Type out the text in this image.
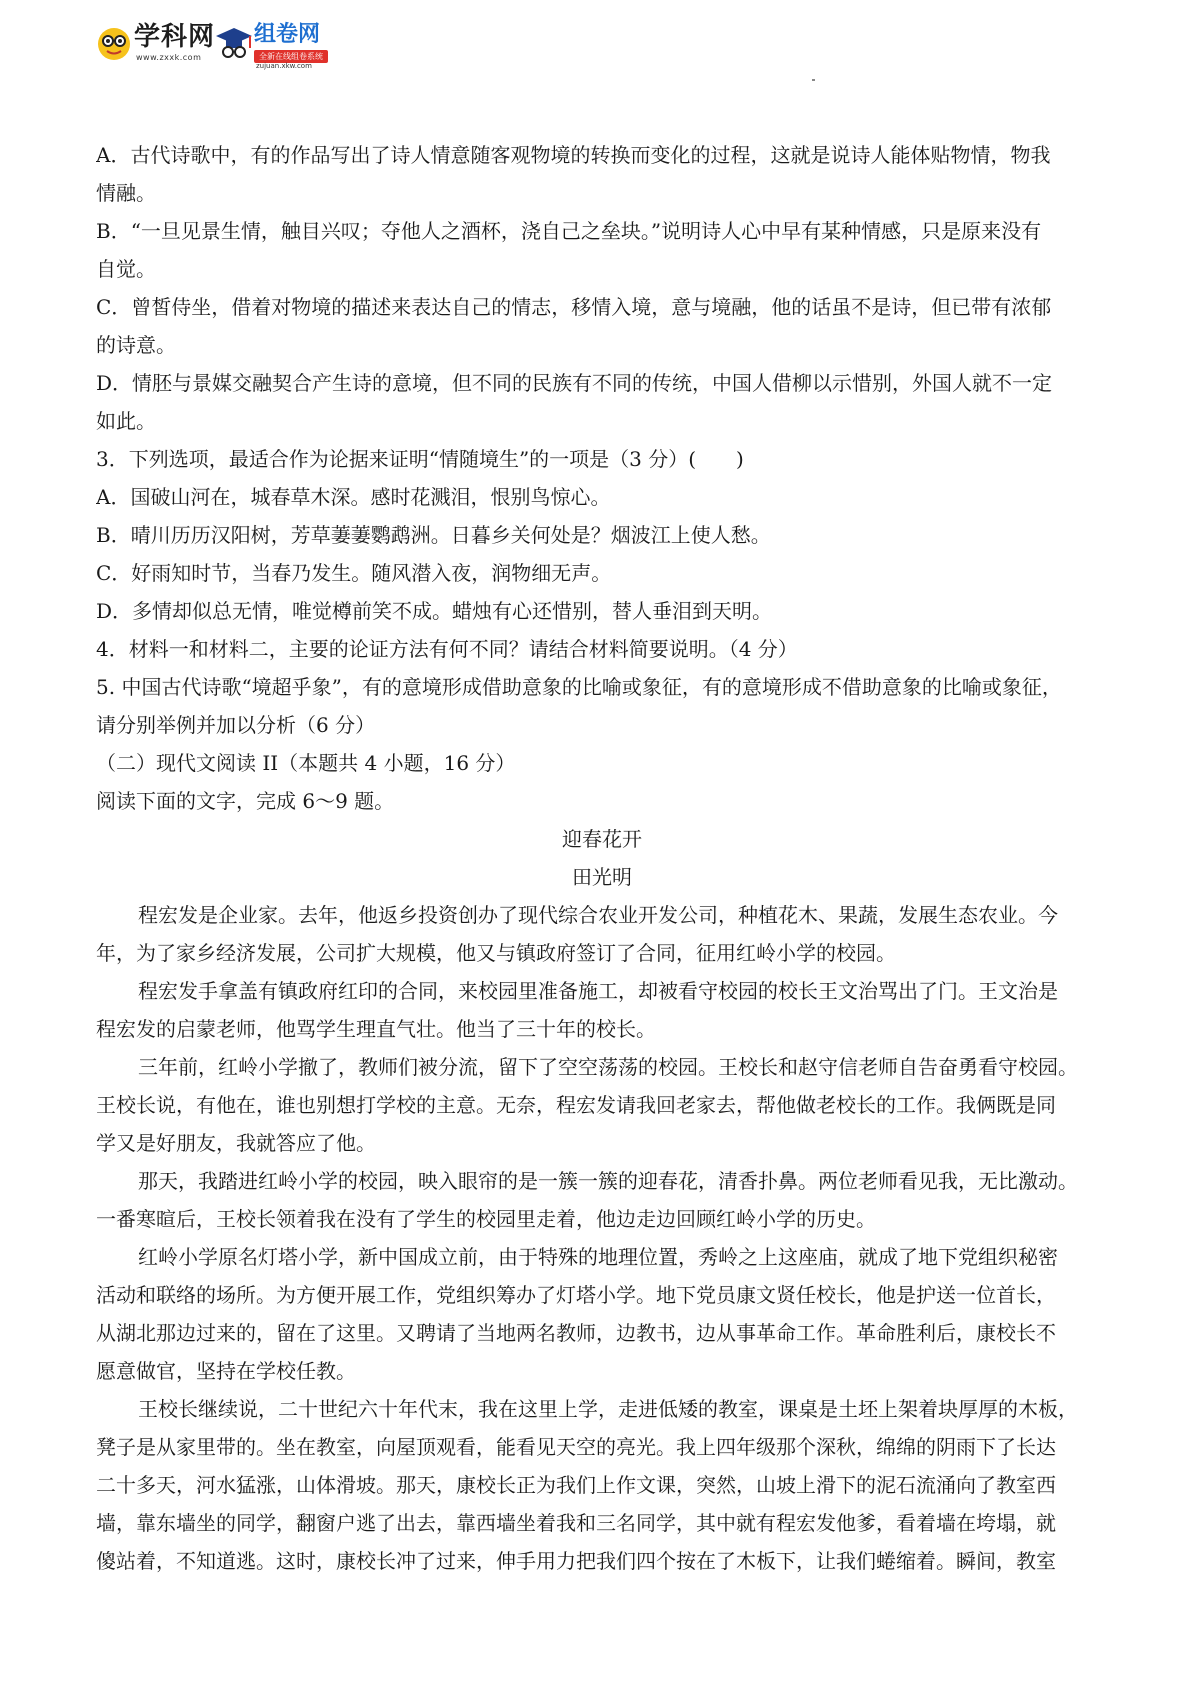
学科网
www.zxxk.com
组卷网
全新在线组卷系统
zujuan.xkw.com

A．古代诗歌中，有的作品写出了诗人情意随客观物境的转换而变化的过程，这就是说诗人能体贴物情，物我

情融。

B．“一旦见景生情，触目兴叹；夺他人之酒杯，浇自己之垒块。”说明诗人心中早有某种情感，只是原来没有

自觉。

C．曾皙侍坐，借着对物境的描述来表达自己的情志，移情入境，意与境融，他的话虽不是诗，但已带有浓郁

的诗意。

D．情胚与景媒交融契合产生诗的意境，但不同的民族有不同的传统，中国人借柳以示惜别，外国人就不一定

如此。

3．下列选项，最适合作为论据来证明“情随境生”的一项是（3 分）(　　)

A．国破山河在，城春草木深。感时花溅泪，恨别鸟惊心。

B．晴川历历汉阳树，芳草萋萋鹦鹉洲。日暮乡关何处是？烟波江上使人愁。

C．好雨知时节，当春乃发生。随风潜入夜，润物细无声。

D．多情却似总无情，唯觉樽前笑不成。蜡烛有心还惜别，替人垂泪到天明。

4．材料一和材料二，主要的论证方法有何不同？请结合材料简要说明。（4 分）

5. 中国古代诗歌“境超乎象”，有的意境形成借助意象的比喻或象征，有的意境形成不借助意象的比喻或象征，

请分别举例并加以分析（6 分）

（二）现代文阅读 II（本题共 4 小题，16 分）

阅读下面的文字，完成 6～9 题。

迎春花开

田光明

程宏发是企业家。去年，他返乡投资创办了现代综合农业开发公司，种植花木、果蔬，发展生态农业。今

年，为了家乡经济发展，公司扩大规模，他又与镇政府签订了合同，征用红岭小学的校园。

程宏发手拿盖有镇政府红印的合同，来校园里准备施工，却被看守校园的校长王文治骂出了门。王文治是

程宏发的启蒙老师，他骂学生理直气壮。他当了三十年的校长。

三年前，红岭小学撤了，教师们被分流，留下了空空荡荡的校园。王校长和赵守信老师自告奋勇看守校园。

王校长说，有他在，谁也别想打学校的主意。无奈，程宏发请我回老家去，帮他做老校长的工作。我俩既是同

学又是好朋友，我就答应了他。

那天，我踏进红岭小学的校园，映入眼帘的是一簇一簇的迎春花，清香扑鼻。两位老师看见我，无比激动。

一番寒暄后，王校长领着我在没有了学生的校园里走着，他边走边回顾红岭小学的历史。

红岭小学原名灯塔小学，新中国成立前，由于特殊的地理位置，秀岭之上这座庙，就成了地下党组织秘密

活动和联络的场所。为方便开展工作，党组织筹办了灯塔小学。地下党员康文贤任校长，他是护送一位首长，

从湖北那边过来的，留在了这里。又聘请了当地两名教师，边教书，边从事革命工作。革命胜利后，康校长不

愿意做官，坚持在学校任教。

王校长继续说，二十世纪六十年代末，我在这里上学，走进低矮的教室，课桌是土坯上架着块厚厚的木板，

凳子是从家里带的。坐在教室，向屋顶观看，能看见天空的亮光。我上四年级那个深秋，绵绵的阴雨下了长达

二十多天，河水猛涨，山体滑坡。那天，康校长正为我们上作文课，突然，山坡上滑下的泥石流涌向了教室西

墙，靠东墙坐的同学，翻窗户逃了出去，靠西墙坐着我和三名同学，其中就有程宏发他爹，看着墙在垮塌，就

傻站着，不知道逃。这时，康校长冲了过来，伸手用力把我们四个按在了木板下，让我们蜷缩着。瞬间，教室
